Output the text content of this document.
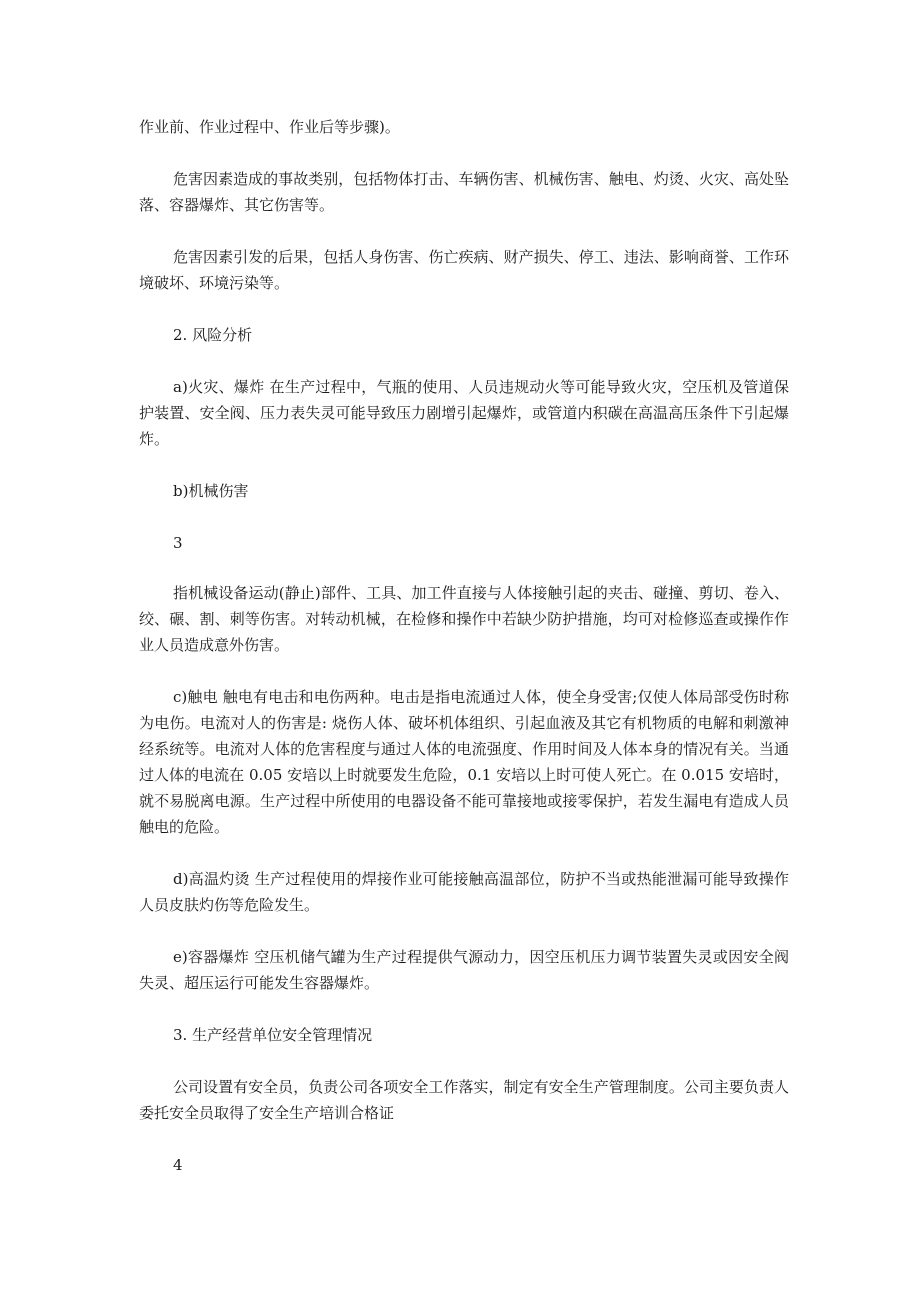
作业前、作业过程中、作业后等步骤)。

危害因素造成的事故类别，包括物体打击、车辆伤害、机械伤害、触电、灼烫、火灾、高处坠落、容器爆炸、其它伤害等。

危害因素引发的后果，包括人身伤害、伤亡疾病、财产损失、停工、违法、影响商誉、工作环境破坏、环境污染等。

2. 风险分析

a)火灾、爆炸 在生产过程中，气瓶的使用、人员违规动火等可能导致火灾，空压机及管道保护装置、安全阀、压力表失灵可能导致压力剧增引起爆炸，或管道内积碳在高温高压条件下引起爆炸。

b)机械伤害

3

指机械设备运动(静止)部件、工具、加工件直接与人体接触引起的夹击、碰撞、剪切、卷入、绞、碾、割、刺等伤害。对转动机械，在检修和操作中若缺少防护措施，均可对检修巡查或操作作业人员造成意外伤害。

c)触电 触电有电击和电伤两种。电击是指电流通过人体，使全身受害;仅使人体局部受伤时称为电伤。电流对人的伤害是: 烧伤人体、破坏机体组织、引起血液及其它有机物质的电解和刺激神经系统等。电流对人体的危害程度与通过人体的电流强度、作用时间及人体本身的情况有关。当通过人体的电流在 0.05 安培以上时就要发生危险，0.1 安培以上时可使人死亡。在 0.015 安培时，就不易脱离电源。生产过程中所使用的电器设备不能可靠接地或接零保护，若发生漏电有造成人员触电的危险。

d)高温灼烫 生产过程使用的焊接作业可能接触高温部位，防护不当或热能泄漏可能导致操作人员皮肤灼伤等危险发生。

e)容器爆炸 空压机储气罐为生产过程提供气源动力，因空压机压力调节装置失灵或因安全阀失灵、超压运行可能发生容器爆炸。

3. 生产经营单位安全管理情况

公司设置有安全员，负责公司各项安全工作落实，制定有安全生产管理制度。公司主要负责人委托安全员取得了安全生产培训合格证

4
